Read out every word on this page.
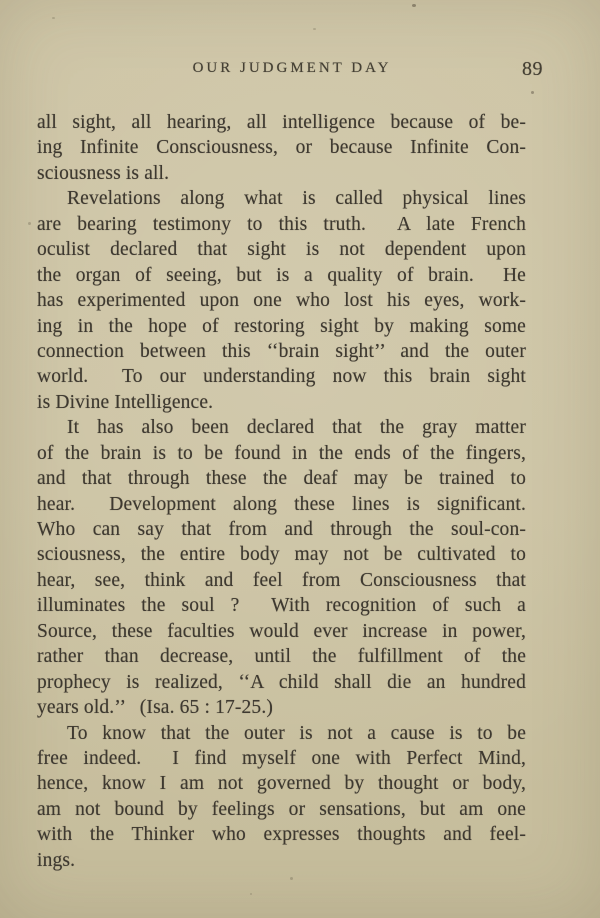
OUR JUDGMENT DAY	89
all sight, all hearing, all intelligence because of be-
ing Infinite Consciousness, or because Infinite Con-
sciousness is all.
Revelations along what is called physical lines
are bearing testimony to this truth.  A late French
oculist declared that sight is not dependent upon
the organ of seeing, but is a quality of brain.  He
has experimented upon one who lost his eyes, work-
ing in the hope of restoring sight by making some
connection between this ‘‘brain sight’’ and the outer
world.  To our understanding now this brain sight
is Divine Intelligence.
It has also been declared that the gray matter
of the brain is to be found in the ends of the fingers,
and that through these the deaf may be trained to
hear.  Development along these lines is significant.
Who can say that from and through the soul-con-
sciousness, the entire body may not be cultivated to
hear, see, think and feel from Consciousness that
illuminates the soul ?  With recognition of such a
Source, these faculties would ever increase in power,
rather than decrease, until the fulfillment of the
prophecy is realized, ‘‘A child shall die an hundred
years old.’’   (Isa. 65 : 17-25.)
To know that the outer is not a cause is to be
free indeed.  I find myself one with Perfect Mind,
hence, know I am not governed by thought or body,
am not bound by feelings or sensations, but am one
with the Thinker who expresses thoughts and feel-
ings.
